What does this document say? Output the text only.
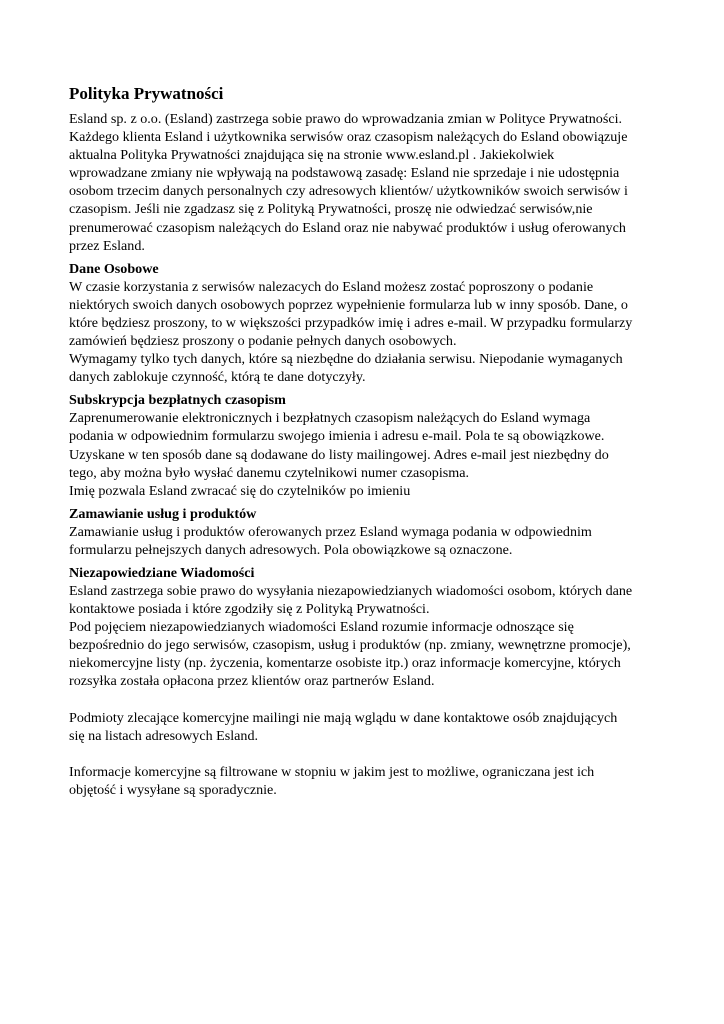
Polityka Prywatności

Esland sp. z o.o. (Esland) zastrzega sobie prawo do wprowadzania zmian w Polityce Prywatności.
Każdego klienta Esland i użytkownika serwisów oraz czasopism należących do Esland obowiązuje
aktualna Polityka Prywatności znajdująca się na stronie www.esland.pl . Jakiekolwiek
wprowadzane zmiany nie wpływają na podstawową zasadę: Esland nie sprzedaje i nie udostępnia
osobom trzecim danych personalnych czy adresowych klientów/ użytkowników swoich serwisów i
czasopism. Jeśli nie zgadzasz się z Polityką Prywatności, proszę nie odwiedzać serwisów,nie
prenumerować czasopism należących do Esland oraz nie nabywać produktów i usług oferowanych
przez Esland.

Dane Osobowe

W czasie korzystania z serwisów nalezacych do Esland możesz zostać poproszony o podanie
niektórych swoich danych osobowych poprzez wypełnienie formularza lub w inny sposób. Dane, o
które będziesz proszony, to w większości przypadków imię i adres e-mail. W przypadku formularzy
zamówień będziesz proszony o podanie pełnych danych osobowych.
Wymagamy tylko tych danych, które są niezbędne do działania serwisu. Niepodanie wymaganych
danych zablokuje czynność, którą te dane dotyczyły.

Subskrypcja bezpłatnych czasopism

Zaprenumerowanie elektronicznych i bezpłatnych czasopism należących do Esland wymaga
podania w odpowiednim formularzu swojego imienia i adresu e-mail. Pola te są obowiązkowe.
Uzyskane w ten sposób dane są dodawane do listy mailingowej. Adres e-mail jest niezbędny do
tego, aby można było wysłać danemu czytelnikowi numer czasopisma.
Imię pozwala Esland zwracać się do czytelników po imieniu

Zamawianie usług i produktów

Zamawianie usług i produktów oferowanych przez Esland wymaga podania w odpowiednim
formularzu pełnejszych danych adresowych. Pola obowiązkowe są oznaczone.

Niezapowiedziane Wiadomości

Esland zastrzega sobie prawo do wysyłania niezapowiedzianych wiadomości osobom, których dane
kontaktowe posiada i które zgodziły się z Polityką Prywatności.
Pod pojęciem niezapowiedzianych wiadomości Esland rozumie informacje odnoszące się
bezpośrednio do jego serwisów, czasopism, usług i produktów (np. zmiany, wewnętrzne promocje),
niekomercyjne listy (np. życzenia, komentarze osobiste itp.) oraz informacje komercyjne, których
rozsyłka została opłacona przez klientów oraz partnerów Esland.

Podmioty zlecające komercyjne mailingi nie mają wglądu w dane kontaktowe osób znajdujących
się na listach adresowych Esland.

Informacje komercyjne są filtrowane w stopniu w jakim jest to możliwe, ograniczana jest ich
objętość i wysyłane są sporadycznie.
